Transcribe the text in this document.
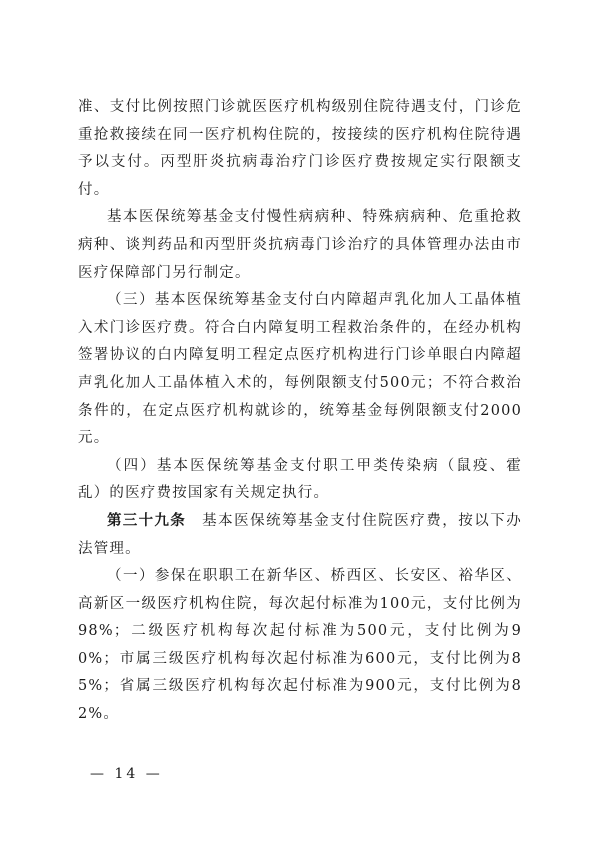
准、支付比例按照门诊就医医疗机构级别住院待遇支付，门诊危重抢救接续在同一医疗机构住院的，按接续的医疗机构住院待遇予以支付。丙型肝炎抗病毒治疗门诊医疗费按规定实行限额支付。

基本医保统筹基金支付慢性病病种、特殊病病种、危重抢救病种、谈判药品和丙型肝炎抗病毒门诊治疗的具体管理办法由市医疗保障部门另行制定。

（三）基本医保统筹基金支付白内障超声乳化加人工晶体植入术门诊医疗费。符合白内障复明工程救治条件的，在经办机构签署协议的白内障复明工程定点医疗机构进行门诊单眼白内障超声乳化加人工晶体植入术的，每例限额支付500元；不符合救治条件的，在定点医疗机构就诊的，统筹基金每例限额支付2000元。

（四）基本医保统筹基金支付职工甲类传染病（鼠疫、霍乱）的医疗费按国家有关规定执行。

第三十九条　基本医保统筹基金支付住院医疗费，按以下办法管理。

（一）参保在职职工在新华区、桥西区、长安区、裕华区、高新区一级医疗机构住院，每次起付标准为100元，支付比例为98%；二级医疗机构每次起付标准为500元，支付比例为90%；市属三级医疗机构每次起付标准为600元，支付比例为85%；省属三级医疗机构每次起付标准为900元，支付比例为82%。

— 14 —
